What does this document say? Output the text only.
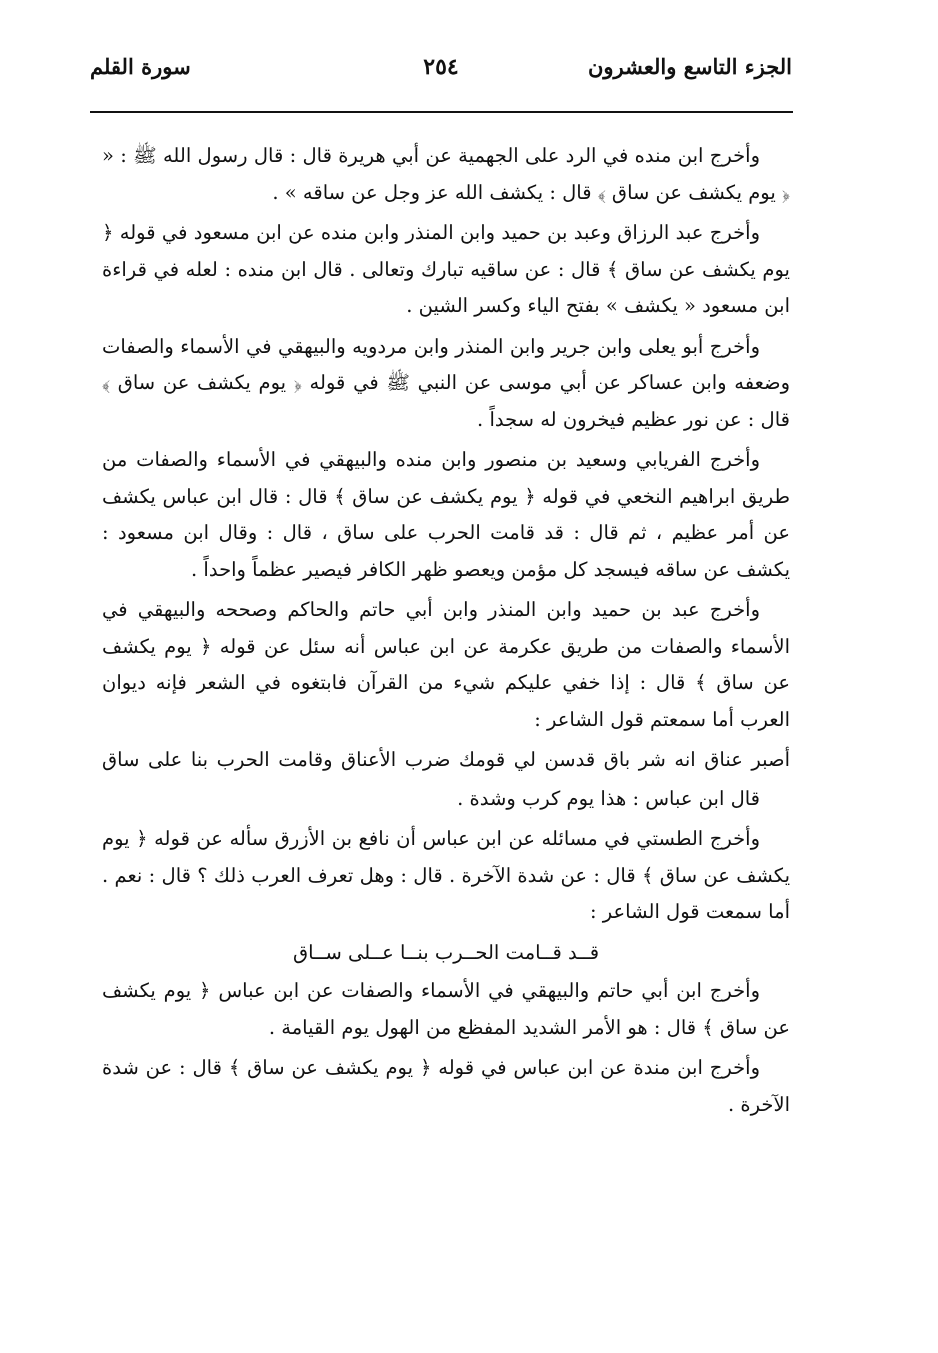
الجزء التاسع والعشرون
٢٥٤
سورة القلم

وأخرج ابن منده في الرد على الجهمية عن أبي هريرة قال : قال رسول الله ﷺ : « ﴿ يوم يكشف عن ساق ﴾ قال : يكشف الله عز وجل عن ساقه » .

وأخرج عبد الرزاق وعبد بن حميد وابن المنذر وابن منده عن ابن مسعود في قوله ﴿ يوم يكشف عن ساق ﴾ قال : عن ساقيه تبارك وتعالى . قال ابن منده : لعله في قراءة ابن مسعود « يكشف » بفتح الياء وكسر الشين .

وأخرج أبو يعلى وابن جرير وابن المنذر وابن مردويه والبيهقي في الأسماء والصفات وضعفه وابن عساكر عن أبي موسى عن النبي ﷺ في قوله ﴿ يوم يكشف عن ساق ﴾ قال : عن نور عظيم فيخرون له سجداً .

وأخرج الفريابي وسعيد بن منصور وابن منده والبيهقي في الأسماء والصفات من طريق ابراهيم النخعي في قوله ﴿ يوم يكشف عن ساق ﴾ قال : قال ابن عباس يكشف عن أمر عظيم ، ثم قال : قد قامت الحرب على ساق ، قال : وقال ابن مسعود : يكشف عن ساقه فيسجد كل مؤمن ويعصو ظهر الكافر فيصير عظماً واحداً .

وأخرج عبد بن حميد وابن المنذر وابن أبي حاتم والحاكم وصححه والبيهقي في الأسماء والصفات من طريق عكرمة عن ابن عباس أنه سئل عن قوله ﴿ يوم يكشف عن ساق ﴾ قال : إذا خفي عليكم شيء من القرآن فابتغوه في الشعر فإنه ديوان العرب أما سمعتم قول الشاعر :

أصبر عناق انه شر باق قدسن لي قومك ضرب الأعناق وقامت الحرب بنا على ساق

قال ابن عباس : هذا يوم كرب وشدة .

وأخرج الطستي في مسائله عن ابن عباس أن نافع بن الأزرق سأله عن قوله ﴿ يوم يكشف عن ساق ﴾ قال : عن شدة الآخرة . قال : وهل تعرف العرب ذلك ؟ قال : نعم . أما سمعت قول الشاعر :

قــد قــامت الحــرب بنــا عــلى ســاق

وأخرج ابن أبي حاتم والبيهقي في الأسماء والصفات عن ابن عباس ﴿ يوم يكشف عن ساق ﴾ قال : هو الأمر الشديد المفظع من الهول يوم القيامة .

وأخرج ابن مندة عن ابن عباس في قوله ﴿ يوم يكشف عن ساق ﴾ قال : عن شدة الآخرة .
